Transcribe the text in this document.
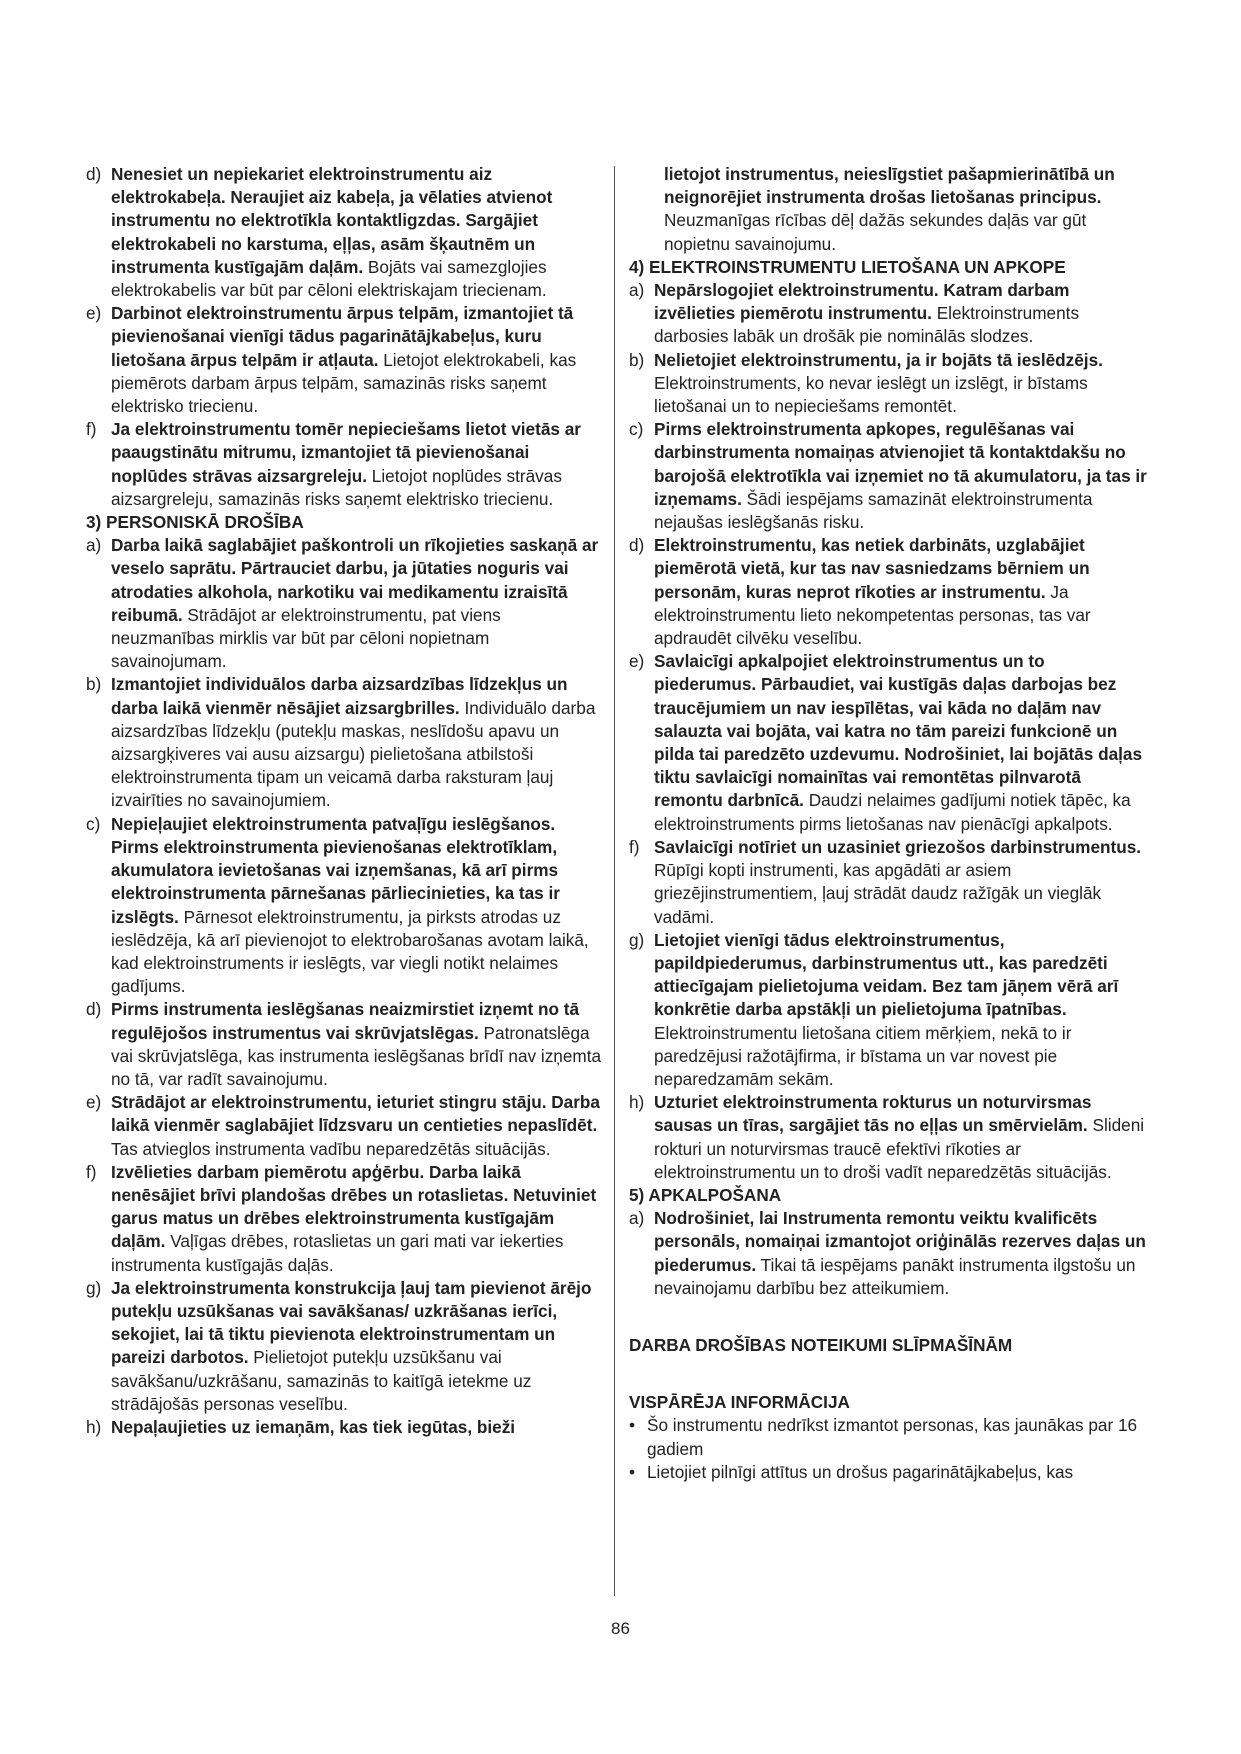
d) Nenesiet un nepiekariet elektroinstrumentu aiz elektrokabeļa. Neraujiet aiz kabeļa, ja vēlaties atvienot instrumentu no elektrotīkla kontaktligzdas. Sargājiet elektrokabeli no karstuma, eļļas, asām šķautnēm un instrumenta kustīgajām daļām. Bojāts vai samezglojies elektrokabelis var būt par cēloni elektriskajam triecienam.
e) Darbinot elektroinstrumentu ārpus telpām, izmantojiet tā pievienošanai vienīgi tādus pagarinātājkabeļus, kuru lietošana ārpus telpām ir atļauta. Lietojot elektrokabeli, kas piemērots darbam ārpus telpām, samazinās risks saņemt elektrisko triecienu.
f) Ja elektroinstrumentu tomēr nepieciešams lietot vietās ar paaugstinātu mitrumu, izmantojiet tā pievienošanai noplūdes strāvas aizsargreleju. Lietojot noplūdes strāvas aizsargreleju, samazinās risks saņemt elektrisko triecienu.
3) PERSONISKĀ DROŠĪBA
a) Darba laikā saglabājiet paškontroli un rīkojieties saskaņā ar veselo saprātu. Pārtrauciet darbu, ja jūtaties noguris vai atrodaties alkohola, narkotiku vai medikamentu izraisītā reibumā. Strādājot ar elektroinstrumentu, pat viens neuzmanības mirklis var būt par cēloni nopietnam savainojumam.
b) Izmantojiet individuālos darba aizsardzības līdzekļus un darba laikā vienmēr nēsājiet aizsargbrilles. Individuālo darba aizsardzības līdzekļu (putekļu maskas, neslīdošu apavu un aizsargķiveres vai ausu aizsargu) pielietošana atbilstoši elektroinstrumenta tipam un veicamā darba raksturam ļauj izvairīties no savainojumiem.
c) Nepieļaujiet elektroinstrumenta patvaļīgu ieslēgšanos. Pirms elektroinstrumenta pievienošanas elektrotīklam, akumulatora ievietošanas vai izņemšanas, kā arī pirms elektroinstrumenta pārnešanas pārliecinieties, ka tas ir izslēgts. Pārnesot elektroinstrumentu, ja pirksts atrodas uz ieslēdzēja, kā arī pievienojot to elektrobarošanas avotam laikā, kad elektroinstruments ir ieslēgts, var viegli notikt nelaimes gadījums.
d) Pirms instrumenta ieslēgšanas neaizmirstiet izņemt no tā regulējošos instrumentus vai skrūvjatslēgas. Patronatslēga vai skrūvjatslēga, kas instrumenta ieslēgšanas brīdī nav izņemta no tā, var radīt savainojumu.
e) Strādājot ar elektroinstrumentu, ieturiet stingru stāju. Darba laikā vienmēr saglabājiet līdzsvaru un centieties nepaslīdēt. Tas atvieglos instrumenta vadību neparedzētās situācijās.
f) Izvēlieties darbam piemērotu apģērbu. Darba laikā nenēsājiet brīvi plandošas drēbes un rotaslietas. Netuviniet garus matus un drēbes elektroinstrumenta kustīgajām daļām. Vaļīgas drēbes, rotaslietas un gari mati var iekerties instrumenta kustīgajās daļās.
g) Ja elektroinstrumenta konstrukcija ļauj tam pievienot ārējo putekļu uzsūkšanas vai savākšanas/ uzkrāšanas ierīci, sekojiet, lai tā tiktu pievienota elektroinstrumentam un pareizi darbotos. Pielietojot putekļu uzsūkšanu vai savākšanu/uzkrāšanu, samazinās to kaitīgā ietekme uz strādājošās personas veselību.
h) Nepaļaujieties uz iemaņām, kas tiek iegūtas, bieži
lietojot instrumentus, neieslīgstiet pašapmierinātībā un neignorējiet instrumenta drošas lietošanas principus. Neuzmanīgas rīcības dēļ dažās sekundes daļās var gūt nopietnu savainojumu.
4) ELEKTROINSTRUMENTU LIETOŠANA UN APKOPE
a) Nepārslogojiet elektroinstrumentu. Katram darbam izvēlieties piemērotu instrumentu. Elektroinstruments darbosies labāk un drošāk pie nominālās slodzes.
b) Nelietojiet elektroinstrumentu, ja ir bojāts tā ieslēdzējs. Elektroinstruments, ko nevar ieslēgt un izslēgt, ir bīstams lietošanai un to nepieciešams remontēt.
c) Pirms elektroinstrumenta apkopes, regulēšanas vai darbinstrumenta nomaiņas atvienojiet tā kontaktdakšu no barojošā elektrotīkla vai izņemiet no tā akumulatoru, ja tas ir izņemams. Šādi iespējams samazināt elektroinstrumenta nejaušas ieslēgšanās risku.
d) Elektroinstrumentu, kas netiek darbināts, uzglabājiet piemērotā vietā, kur tas nav sasniedzams bērniem un personām, kuras neprot rīkoties ar instrumentu. Ja elektroinstrumentu lieto nekompetentas personas, tas var apdraudēt cilvēku veselību.
e) Savlaicīgi apkalpojiet elektroinstrumentus un to piederumus. Pārbaudiet, vai kustīgās daļas darbojas bez traucējumiem un nav iespīlētas, vai kāda no daļām nav salauzta vai bojāta, vai katra no tām pareizi funkcionē un pilda tai paredzēto uzdevumu. Nodrošiniet, lai bojātās daļas tiktu savlaicīgi nomainītas vai remontētas pilnvarotā remontu darbnīcā. Daudzi nelaimes gadījumi notiek tāpēc, ka elektroinstruments pirms lietošanas nav pienācīgi apkalpots.
f) Savlaicīgi notīriet un uzasiniet griezošos darbinstrumentus. Rūpīgi kopti instrumenti, kas apgādāti ar asiem griezējinstrumentiem, ļauj strādāt daudz ražīgāk un vieglāk vadāmi.
g) Lietojiet vienīgi tādus elektroinstrumentus, papildpiederumus, darbinstrumentus utt., kas paredzēti attiecīgajam pielietojuma veidam. Bez tam jāņem vērā arī konkrētie darba apstākļi un pielietojuma īpatnības. Elektroinstrumentu lietošana citiem mērķiem, nekā to ir paredzējusi ražotājfirma, ir bīstama un var novest pie neparedzamām sekām.
h) Uzturiet elektroinstrumenta rokturus un noturvirsmas sausas un tīras, sargājiet tās no eļļas un smērvielām. Slideni rokturi un noturvirsmas traucē efektīvi rīkoties ar elektroinstrumentu un to droši vadīt neparedzētās situācijās.
5) APKALPOŠANA
a) Nodrošiniet, lai Instrumenta remontu veiktu kvalificēts personāls, nomaiņai izmantojot oriģinālās rezerves daļas un piederumus. Tikai tā iespējams panākt instrumenta ilgstošu un nevainojamu darbību bez atteikumiem.
DARBA DROŠĪBAS NOTEIKUMI SLĪPMAŠĪNĀM
VISPĀRĒJA INFORMĀCIJA
• Šo instrumentu nedrīkst izmantot personas, kas jaunākas par 16 gadiem
• Lietojiet pilnīgi attītus un drošus pagarinātājkabeļus, kas
86
